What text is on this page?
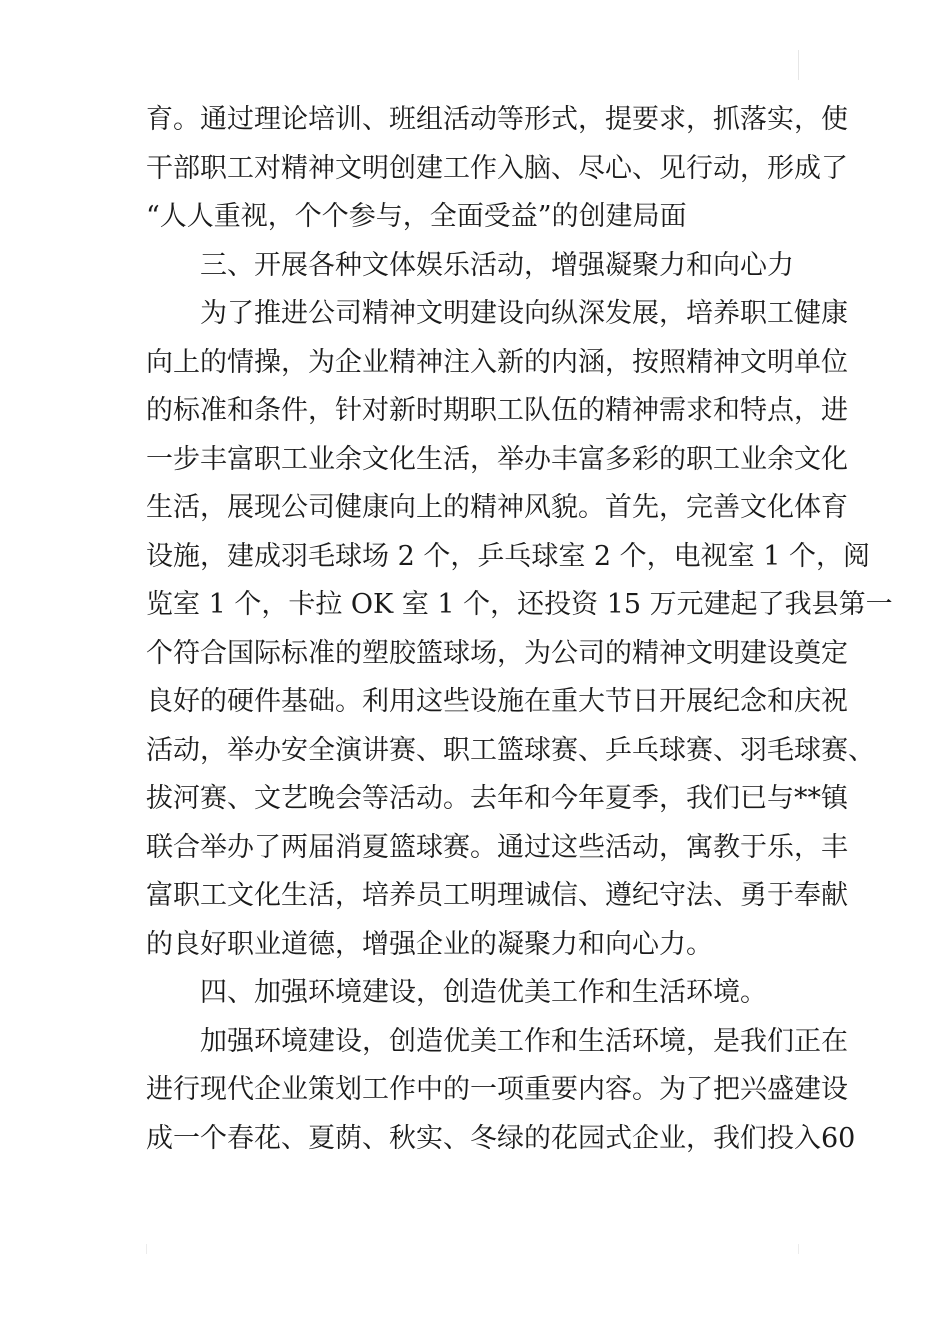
育。通过理论培训、班组活动等形式，提要求，抓落实，使
干部职工对精神文明创建工作入脑、尽心、见行动，形成了
“人人重视，个个参与，全面受益”的创建局面
三、开展各种文体娱乐活动，增强凝聚力和向心力
为了推进公司精神文明建设向纵深发展，培养职工健康
向上的情操，为企业精神注入新的内涵，按照精神文明单位
的标准和条件，针对新时期职工队伍的精神需求和特点，进
一步丰富职工业余文化生活，举办丰富多彩的职工业余文化
生活，展现公司健康向上的精神风貌。首先，完善文化体育
设施，建成羽毛球场 2 个，乒乓球室 2 个，电视室 1 个，阅
览室 1 个，卡拉 OK 室 1 个，还投资 15 万元建起了我县第一
个符合国际标准的塑胶篮球场，为公司的精神文明建设奠定
良好的硬件基础。利用这些设施在重大节日开展纪念和庆祝
活动，举办安全演讲赛、职工篮球赛、乒乓球赛、羽毛球赛、
拔河赛、文艺晚会等活动。去年和今年夏季，我们已与**镇
联合举办了两届消夏篮球赛。通过这些活动，寓教于乐，丰
富职工文化生活，培养员工明理诚信、遵纪守法、勇于奉献
的良好职业道德，增强企业的凝聚力和向心力。
四、加强环境建设，创造优美工作和生活环境。
加强环境建设，创造优美工作和生活环境，是我们正在
进行现代企业策划工作中的一项重要内容。为了把兴盛建设
成一个春花、夏荫、秋实、冬绿的花园式企业，我们投入60
